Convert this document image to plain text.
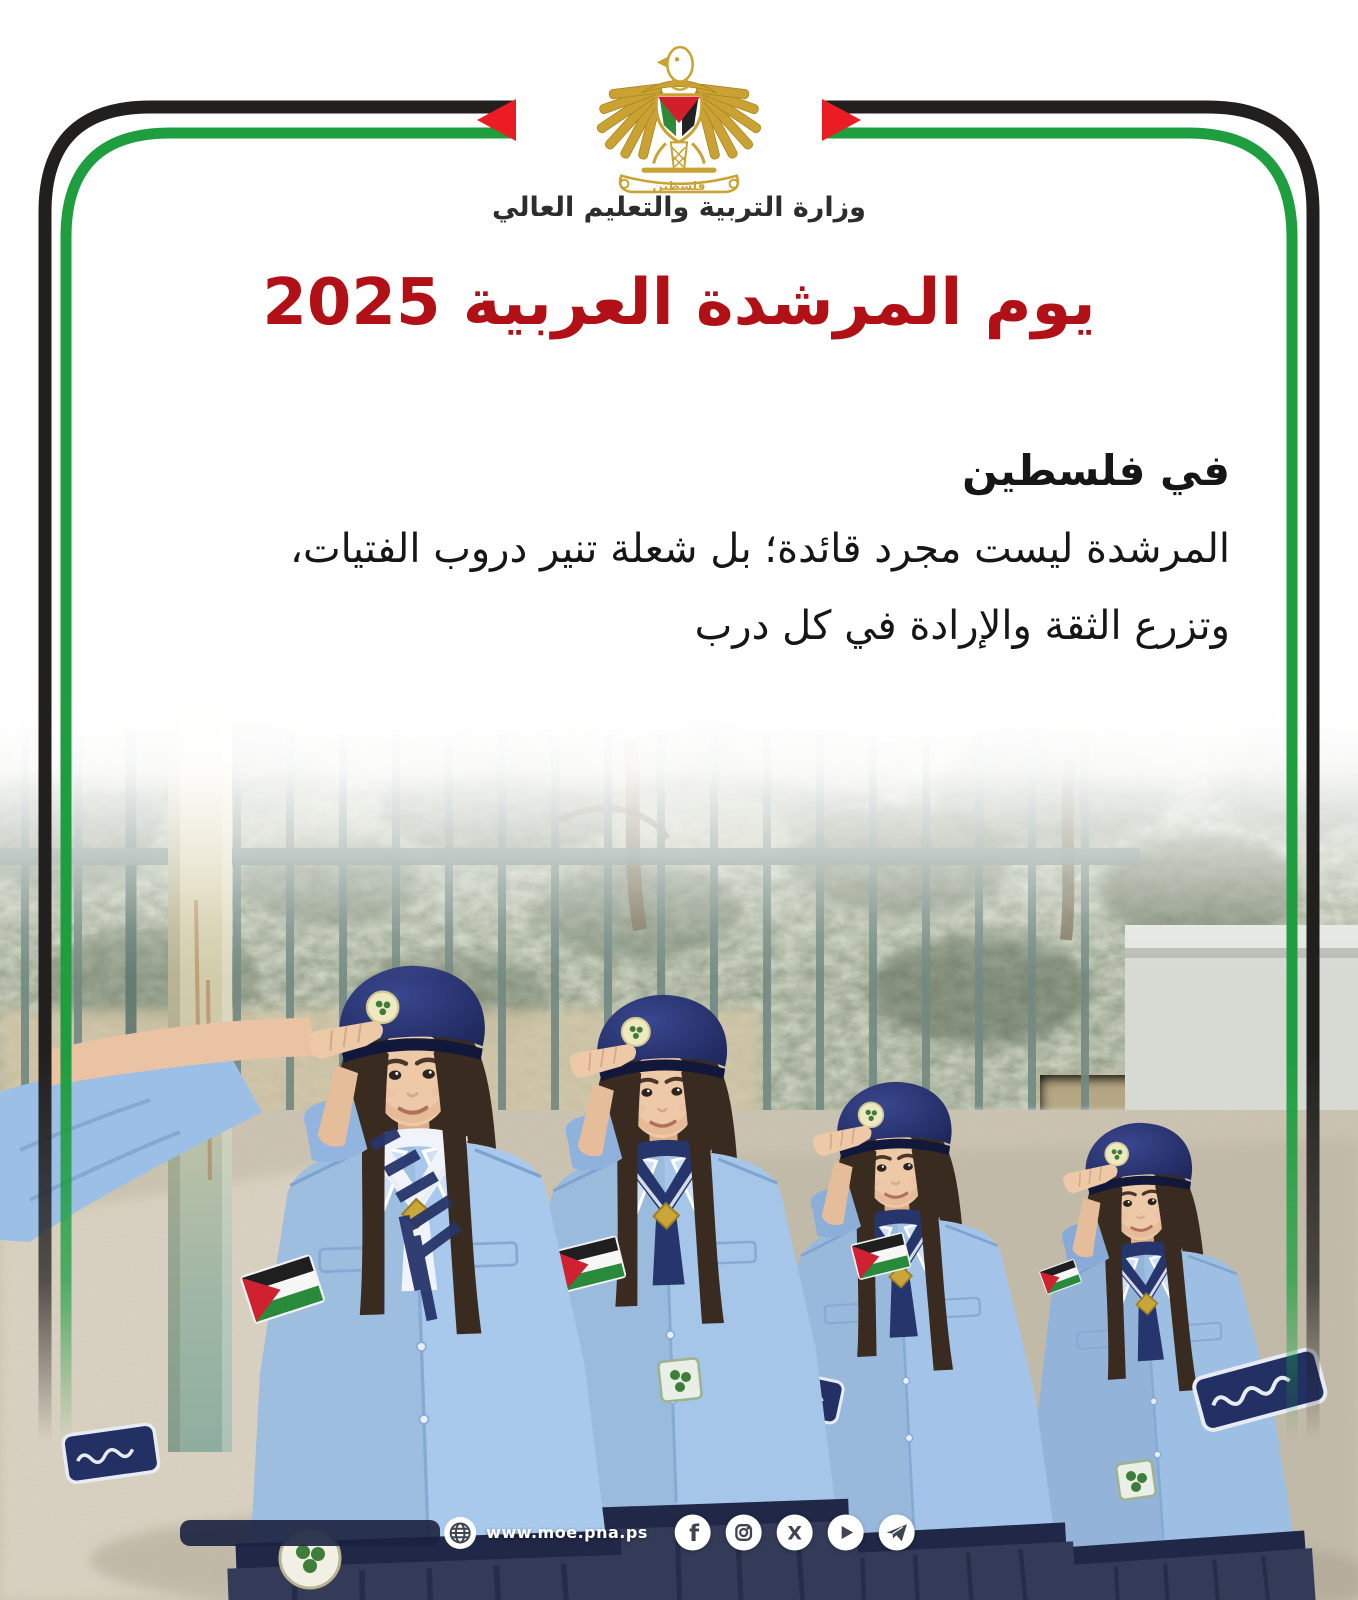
فلسطين
وزارة التربية والتعليم العالي
يوم المرشدة العربية 2025

في فلسطين

المرشدة ليست مجرد قائدة؛ بل شعلة تنير دروب الفتيات،

وتزرع الثقة والإرادة في كل درب

www.moe.pna.ps f	X
